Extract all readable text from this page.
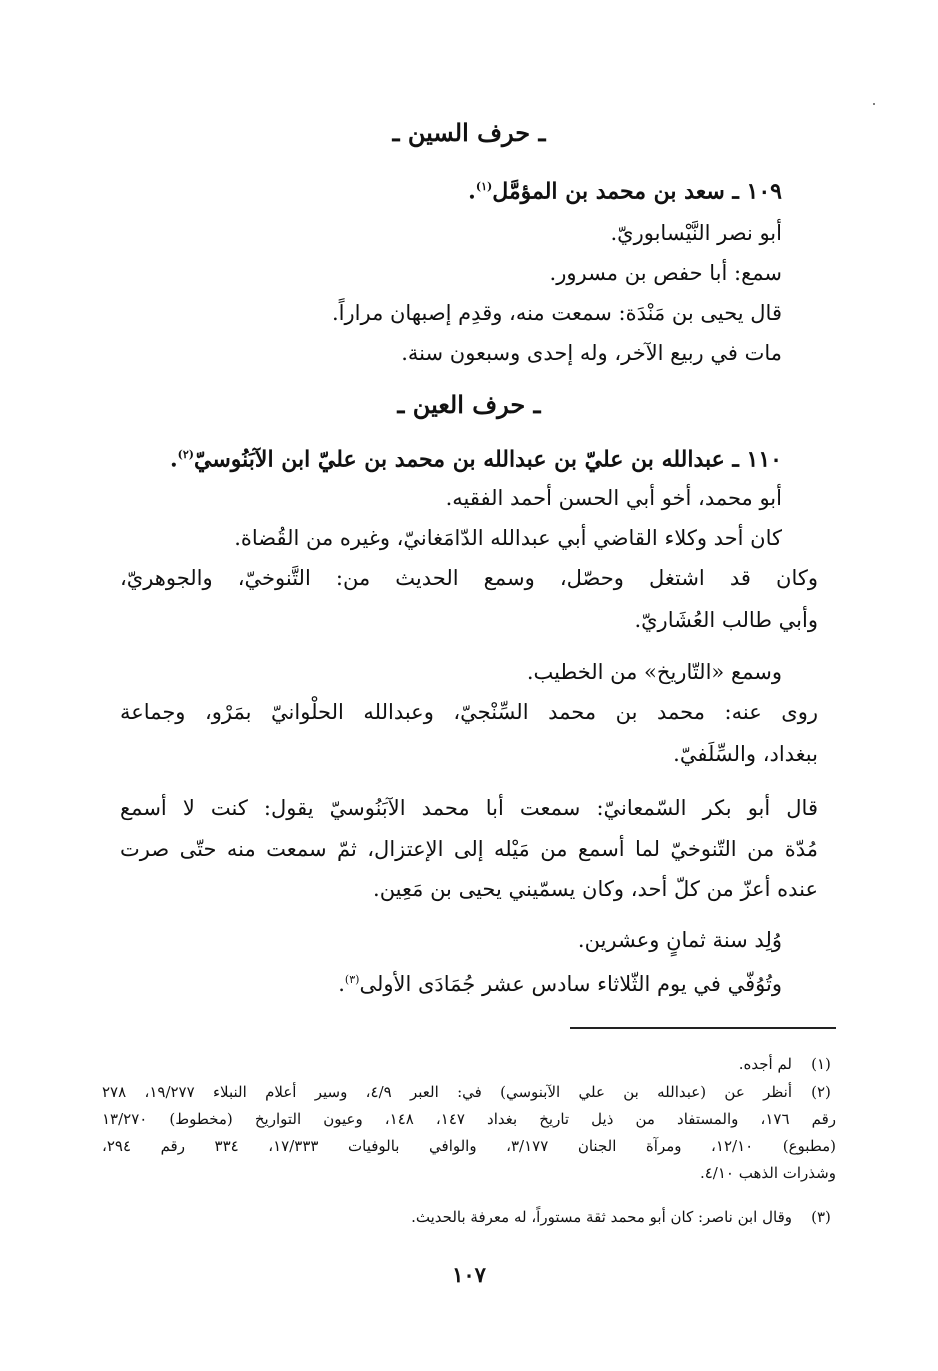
ـ حرف السين ـ
١٠٩ ـ سعد بن محمد بن المؤمَّل$^{(١)}$.
أبو نصر النَّيْسابوريّ.
سمع: أبا حفص بن مسرور.
قال يحيى بن مَنْدَة: سمعت منه، وقدِم إصبهان مراراً.
مات في ربيع الآخر، وله إحدى وسبعون سنة.
ـ حرف العين ـ
١١٠ ـ عبدالله بن عليّ بن عبدالله بن محمد بن عليّ ابن الآبَنُوسيّ$^{(٢)}$.
أبو محمد، أخو أبي الحسن أحمد الفقيه.
كان أحد وكلاء القاضي أبي عبدالله الدّامَغانيّ، وغيره من القُضاة.
وكان قد اشتغل وحصّل، وسمع الحديث من: التَّنوخيّ، والجوهريّ،
وأبي طالب العُشَاريّ.
وسمع «التّاريخ» من الخطيب.
روى عنه: محمد بن محمد السِّنْجيّ، وعبدالله الحلْوانيّ بمَرْو، وجماعة
ببغداد، والسِّلَفيّ.
قال أبو بكر السّمعانيّ: سمعت أبا محمد الآبَنُوسيّ يقول: كنت لا أسمع
مُدّة من التّنوخيّ لما أسمع من مَيْله إلى الإعتزال، ثمّ سمعت منه حتّى صرت
عنده أعزّ من كلّ أحد، وكان يسمّيني يحيى بن مَعِين.
وُلِد سنة ثمانٍ وعشرين.
وتُوُفّي في يوم الثّلاثاء سادس عشر جُمَادَى الأولى$^{(٣)}$.
(١)
لم أجده.
(٢)
أنظر عن (عبدالله بن علي الآبنوسي) في: العبر ٤/٩، وسير أعلام النبلاء ١٩/٢٧٧، ٢٧٨
رقم ١٧٦، والمستفاد من ذيل تاريخ بغداد ١٤٧، ١٤٨، وعيون التواريخ (مخطوط) ١٣/٢٧٠
(مطبوع) ١٢/١٠، ومرآة الجنان ٣/١٧٧، والوافي بالوفيات ١٧/٣٣٣، ٣٣٤ رقم ٢٩٤،
وشذرات الذهب ٤/١٠.
(٣)
وقال ابن ناصر: كان أبو محمد ثقة مستوراً، له معرفة بالحديث.
١٠٧
